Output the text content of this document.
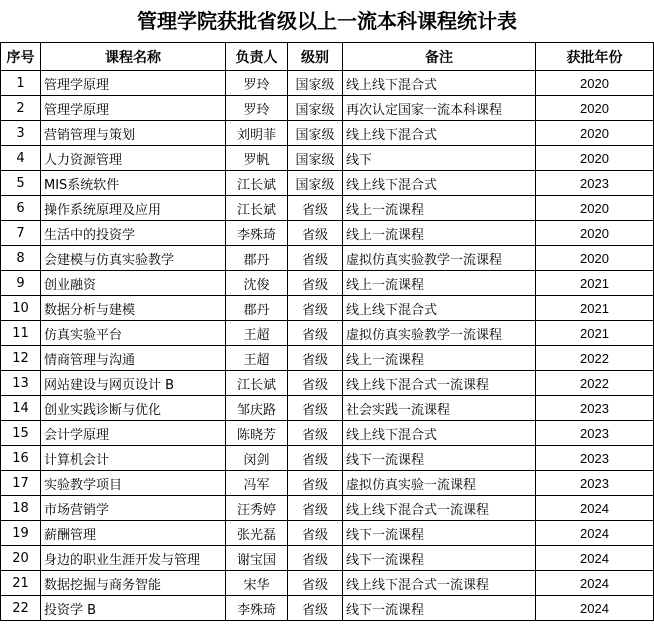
管理学院获批省级以上一流本科课程统计表
序号	课程名称	负责人	级别	备注	获批年份
1	管理学原理	罗玲	国家级	线上线下混合式	2020
2	管理学原理	罗玲	国家级	再次认定国家一流本科课程	2020
3	营销管理与策划	刘明菲	国家级	线上线下混合式	2020
4	人力资源管理	罗帆	国家级	线下	2020
5	MIS系统软件	江长斌	国家级	线上线下混合式	2023
6	操作系统原理及应用	江长斌	省级	线上一流课程	2020
7	生活中的投资学	李殊琦	省级	线上一流课程	2020
8	会建模与仿真实验教学	郡丹	省级	虚拟仿真实验教学一流课程	2020
9	创业融资	沈俊	省级	线上一流课程	2021
10	数据分析与建模	郡丹	省级	线上线下混合式	2021
11	仿真实验平台	王超	省级	虚拟仿真实验教学一流课程	2021
12	情商管理与沟通	王超	省级	线上一流课程	2022
13	网站建设与网页设计 B	江长斌	省级	线上线下混合式一流课程	2022
14	创业实践诊断与优化	邹庆路	省级	社会实践一流课程	2023
15	会计学原理	陈晓芳	省级	线上线下混合式	2023
16	计算机会计	闵剑	省级	线下一流课程	2023
17	实验教学项目	冯军	省级	虚拟仿真实验一流课程	2023
18	市场营销学	汪秀婷	省级	线上线下混合式一流课程	2024
19	薪酬管理	张光磊	省级	线下一流课程	2024
20	身边的职业生涯开发与管理	谢宝国	省级	线下一流课程	2024
21	数据挖掘与商务智能	宋华	省级	线上线下混合式一流课程	2024
22	投资学 B	李殊琦	省级	线下一流课程	2024
